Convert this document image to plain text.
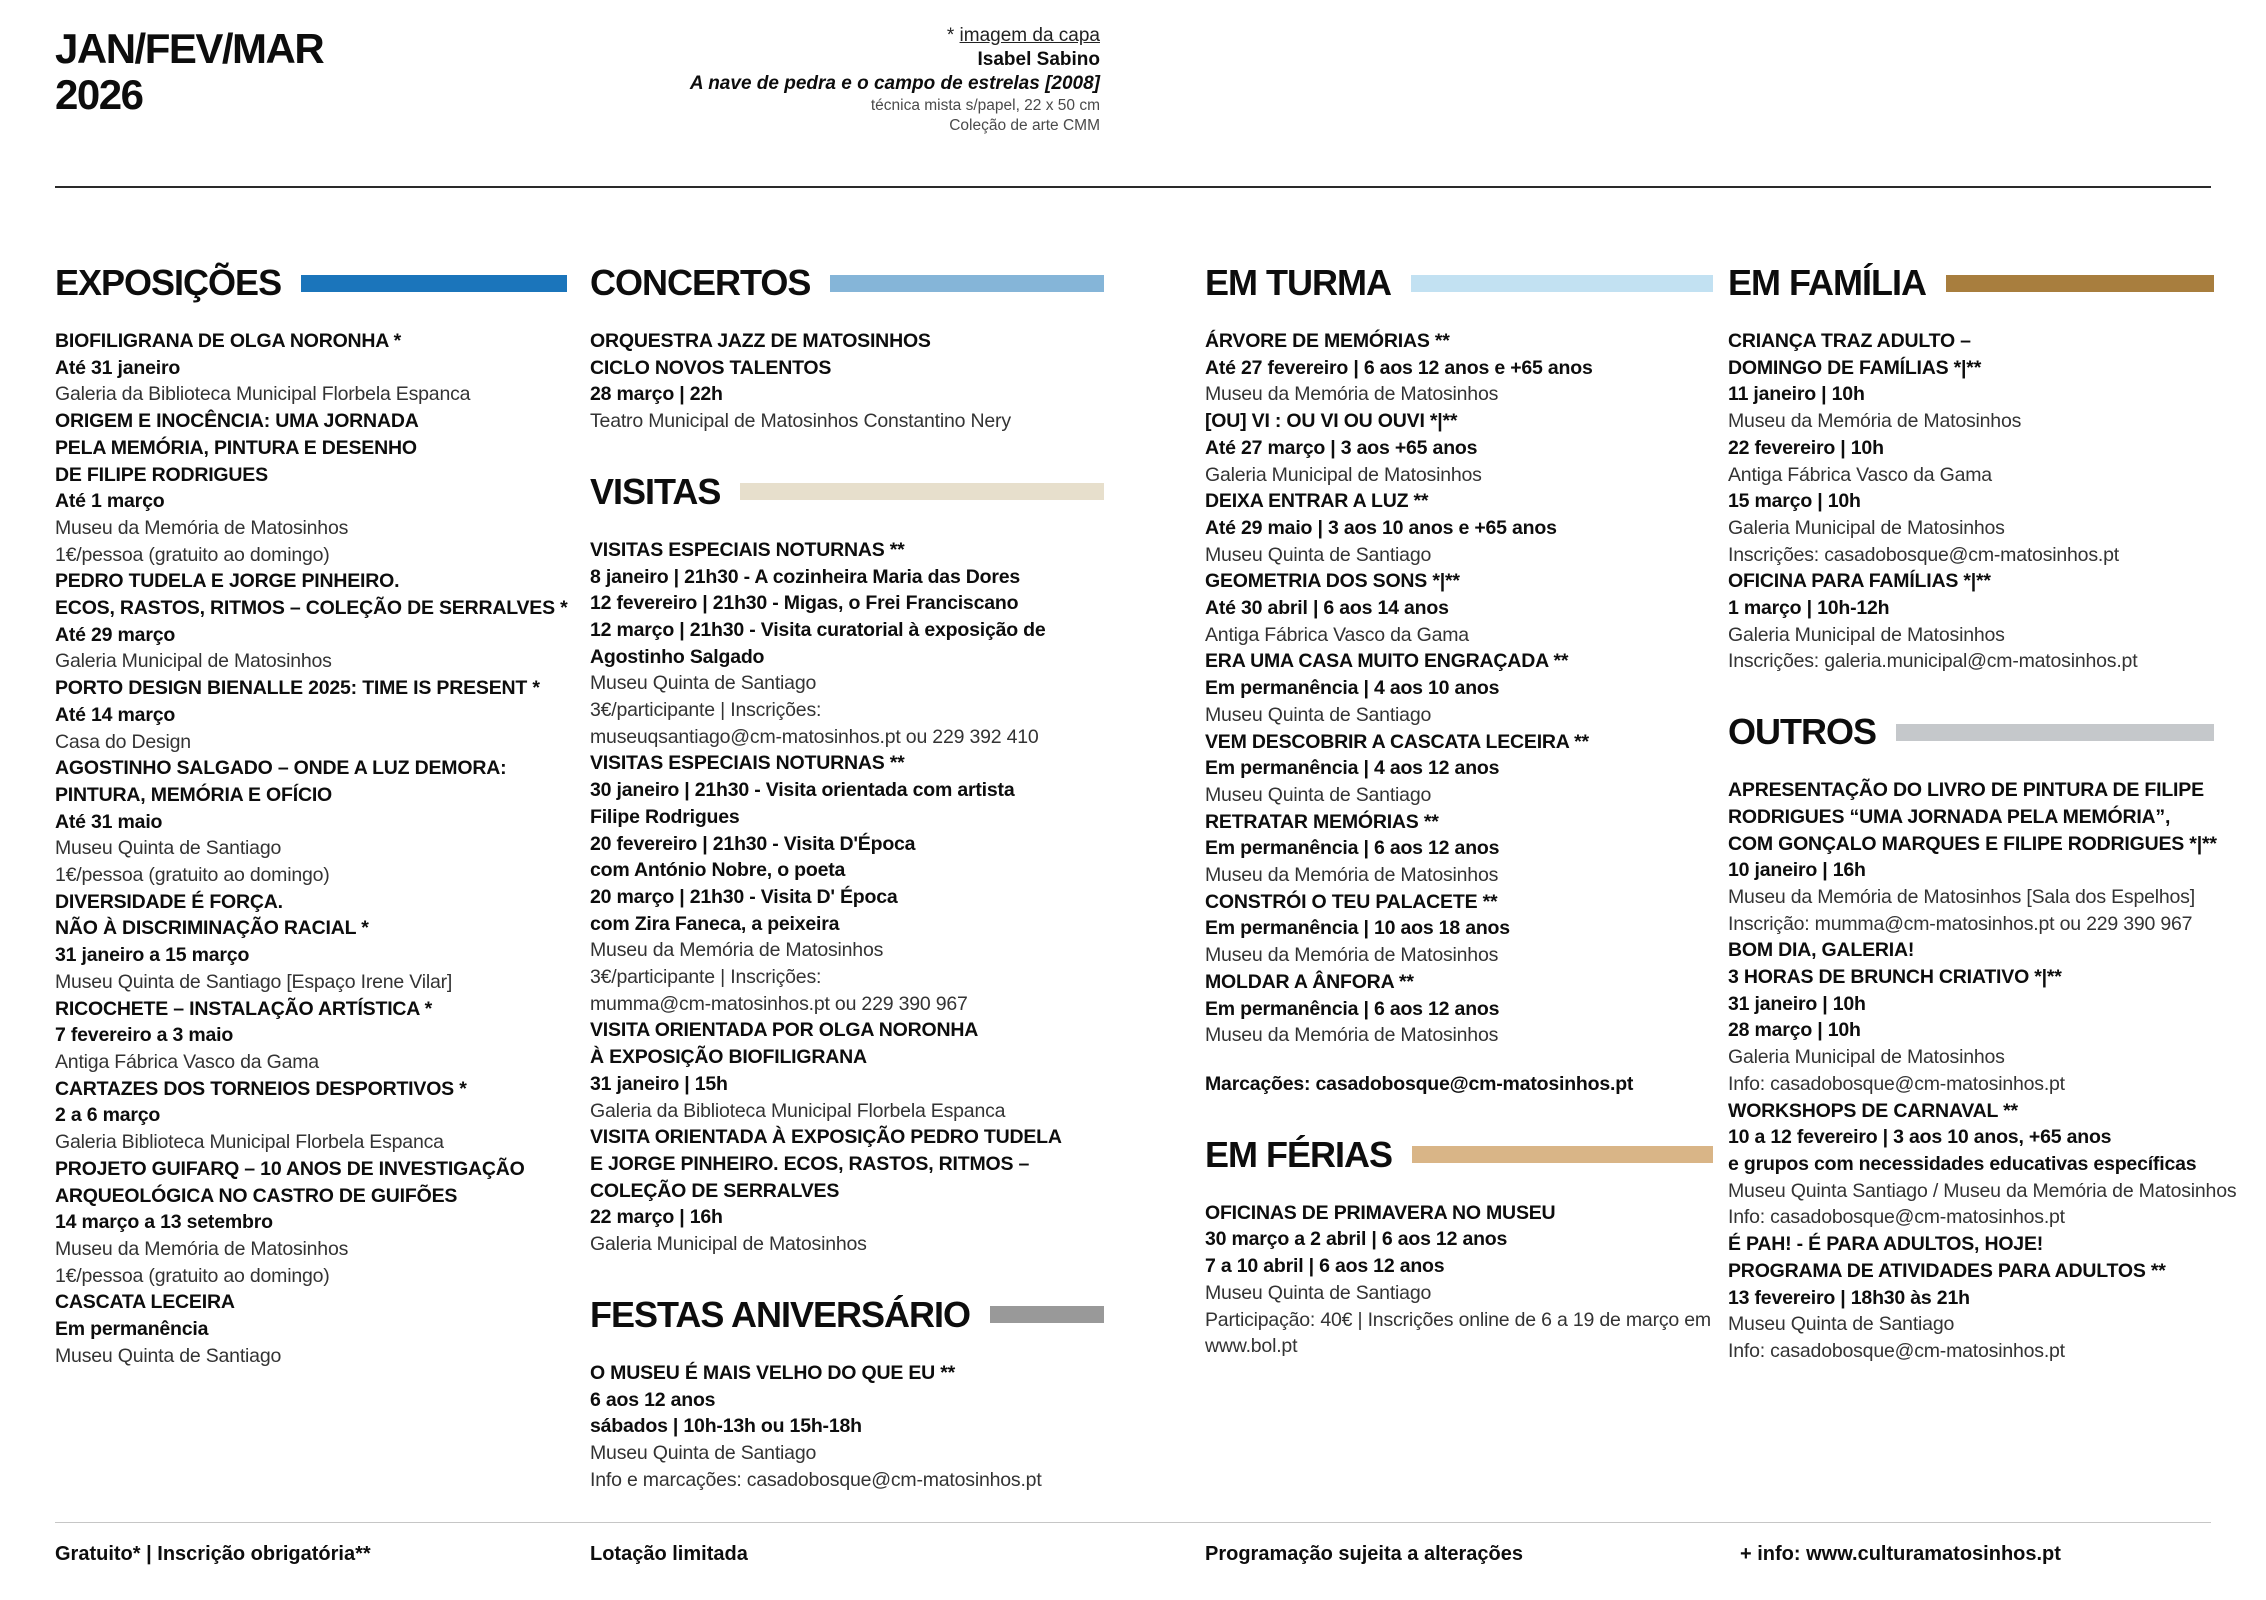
JAN/FEV/MAR
2026
* imagem da capa
Isabel Sabino
A nave de pedra e o campo de estrelas [2008]
técnica mista s/papel, 22 x 50 cm
Coleção de arte CMM
EXPOSIÇÕES
BIOFILIGRANA DE OLGA NORONHA *
Até 31 janeiro
Galeria da Biblioteca Municipal Florbela Espanca
ORIGEM E INOCÊNCIA: UMA JORNADA
PELA MEMÓRIA, PINTURA E DESENHO
DE FILIPE RODRIGUES
Até 1 março
Museu da Memória de Matosinhos
1€/pessoa (gratuito ao domingo)
PEDRO TUDELA E JORGE PINHEIRO.
ECOS, RASTOS, RITMOS – COLEÇÃO DE SERRALVES *
Até 29 março
Galeria Municipal de Matosinhos
PORTO DESIGN BIENALLE 2025: TIME IS PRESENT *
Até 14 março
Casa do Design
AGOSTINHO SALGADO – ONDE A LUZ DEMORA:
PINTURA, MEMÓRIA E OFÍCIO
Até 31 maio
Museu Quinta de Santiago
1€/pessoa (gratuito ao domingo)
DIVERSIDADE É FORÇA.
NÃO À DISCRIMINAÇÃO RACIAL *
31 janeiro a 15 março
Museu Quinta de Santiago [Espaço Irene Vilar]
RICOCHETE – INSTALAÇÃO ARTÍSTICA *
7 fevereiro a 3 maio
Antiga Fábrica Vasco da Gama
CARTAZES DOS TORNEIOS DESPORTIVOS *
2 a 6 março
Galeria Biblioteca Municipal Florbela Espanca
PROJETO GUIFARQ – 10 ANOS DE INVESTIGAÇÃO
ARQUEOLÓGICA NO CASTRO DE GUIFÕES
14 março a 13 setembro
Museu da Memória de Matosinhos
1€/pessoa (gratuito ao domingo)
CASCATA LECEIRA
Em permanência
Museu Quinta de Santiago
CONCERTOS
ORQUESTRA JAZZ DE MATOSINHOS
CICLO NOVOS TALENTOS
28 março | 22h
Teatro Municipal de Matosinhos Constantino Nery
VISITAS
VISITAS ESPECIAIS NOTURNAS **
8 janeiro | 21h30 - A cozinheira Maria das Dores
12 fevereiro | 21h30 - Migas, o Frei Franciscano
12 março | 21h30 - Visita curatorial à exposição de
Agostinho Salgado
Museu Quinta de Santiago
3€/participante | Inscrições:
museuqsantiago@cm-matosinhos.pt ou 229 392 410
VISITAS ESPECIAIS NOTURNAS **
30 janeiro | 21h30 - Visita orientada com artista
Filipe Rodrigues
20 fevereiro | 21h30 - Visita D'Época
com António Nobre, o poeta
20 março | 21h30 - Visita D' Época
com Zira Faneca, a peixeira
Museu da Memória de Matosinhos
3€/participante | Inscrições:
mumma@cm-matosinhos.pt ou 229 390 967
VISITA ORIENTADA POR OLGA NORONHA
À EXPOSIÇÃO BIOFILIGRANA
31 janeiro | 15h
Galeria da Biblioteca Municipal Florbela Espanca
VISITA ORIENTADA À EXPOSIÇÃO PEDRO TUDELA
E JORGE PINHEIRO. ECOS, RASTOS, RITMOS –
COLEÇÃO DE SERRALVES
22 março | 16h
Galeria Municipal de Matosinhos
FESTAS ANIVERSÁRIO
O MUSEU É MAIS VELHO DO QUE EU **
6 aos 12 anos
sábados | 10h-13h ou 15h-18h
Museu Quinta de Santiago
Info e marcações: casadobosque@cm-matosinhos.pt
EM TURMA
ÁRVORE DE MEMÓRIAS **
Até 27 fevereiro | 6 aos 12 anos e +65 anos
Museu da Memória de Matosinhos
[OU] VI : OU VI OU OUVI *|**
Até 27 março | 3 aos +65 anos
Galeria Municipal de Matosinhos
DEIXA ENTRAR A LUZ **
Até 29 maio | 3 aos 10 anos e +65 anos
Museu Quinta de Santiago
GEOMETRIA DOS SONS *|**
Até 30 abril | 6 aos 14 anos
Antiga Fábrica Vasco da Gama
ERA UMA CASA MUITO ENGRAÇADA **
Em permanência | 4 aos 10 anos
Museu Quinta de Santiago
VEM DESCOBRIR A CASCATA LECEIRA **
Em permanência | 4 aos 12 anos
Museu Quinta de Santiago
RETRATAR MEMÓRIAS **
Em permanência | 6 aos 12 anos
Museu da Memória de Matosinhos
CONSTRÓI O TEU PALACETE **
Em permanência | 10 aos 18 anos
Museu da Memória de Matosinhos
MOLDAR A ÂNFORA **
Em permanência | 6 aos 12 anos
Museu da Memória de Matosinhos
Marcações: casadobosque@cm-matosinhos.pt
EM FÉRIAS
OFICINAS DE PRIMAVERA NO MUSEU
30 março a 2 abril | 6 aos 12 anos
7 a 10 abril | 6 aos 12 anos
Museu Quinta de Santiago
Participação: 40€ | Inscrições online de 6 a 19 de março em
www.bol.pt
EM FAMÍLIA
CRIANÇA TRAZ ADULTO –
DOMINGO DE FAMÍLIAS *|**
11 janeiro | 10h
Museu da Memória de Matosinhos
22 fevereiro | 10h
Antiga Fábrica Vasco da Gama
15 março | 10h
Galeria Municipal de Matosinhos
Inscrições: casadobosque@cm-matosinhos.pt
OFICINA PARA FAMÍLIAS *|**
1 março | 10h-12h
Galeria Municipal de Matosinhos
Inscrições: galeria.municipal@cm-matosinhos.pt
OUTROS
APRESENTAÇÃO DO LIVRO DE PINTURA DE FILIPE
RODRIGUES “UMA JORNADA PELA MEMÓRIA”,
COM GONÇALO MARQUES E FILIPE RODRIGUES *|**
10 janeiro | 16h
Museu da Memória de Matosinhos [Sala dos Espelhos]
Inscrição: mumma@cm-matosinhos.pt ou 229 390 967
BOM DIA, GALERIA!
3 HORAS DE BRUNCH CRIATIVO *|**
31 janeiro | 10h
28 março | 10h
Galeria Municipal de Matosinhos
Info: casadobosque@cm-matosinhos.pt
WORKSHOPS DE CARNAVAL **
10 a 12 fevereiro | 3 aos 10 anos, +65 anos
e grupos com necessidades educativas específicas
Museu Quinta Santiago / Museu da Memória de Matosinhos
Info: casadobosque@cm-matosinhos.pt
É PAH! - É PARA ADULTOS, HOJE!
PROGRAMA DE ATIVIDADES PARA ADULTOS **
13 fevereiro | 18h30 às 21h
Museu Quinta de Santiago
Info: casadobosque@cm-matosinhos.pt
Gratuito* | Inscrição obrigatória**	Lotação limitada	Programação sujeita a alterações	+ info: www.culturamatosinhos.pt
